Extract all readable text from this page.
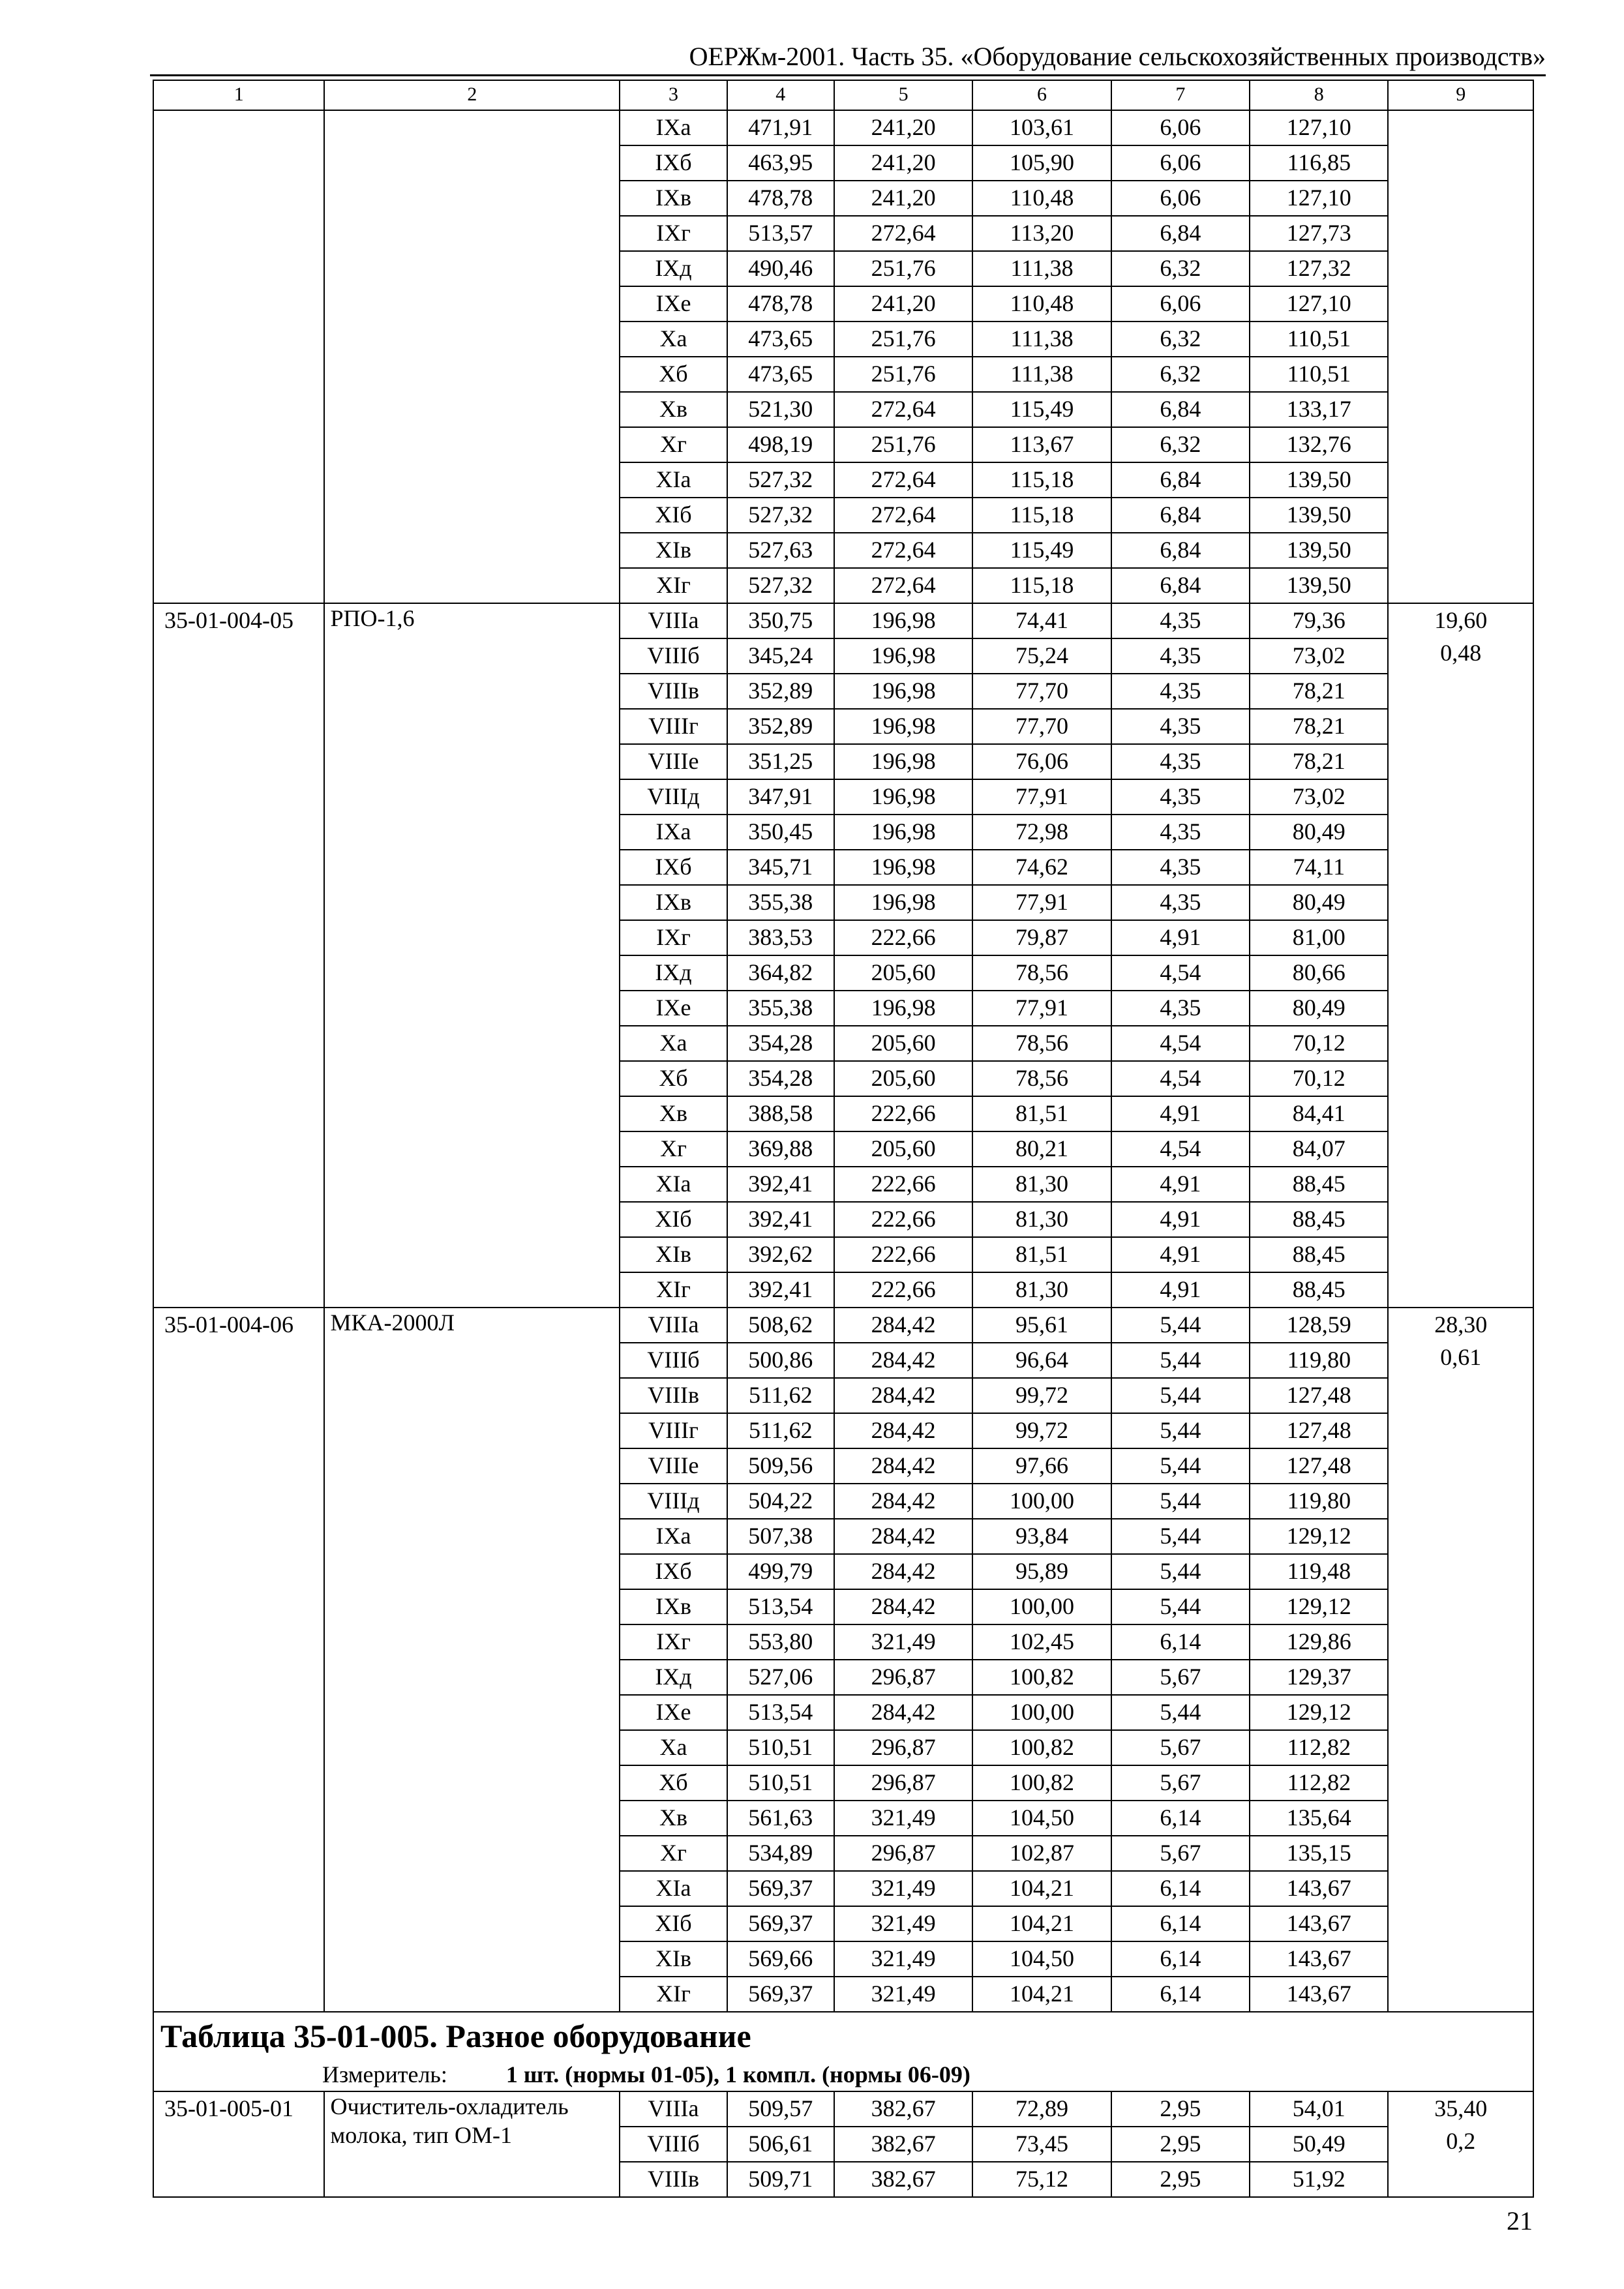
ОЕРЖм-2001. Часть 35. «Оборудование сельскохозяйственных производств»
1	2	3	4	5	6	7	8	9
		IXa	471,91	241,20	103,61	6,06	127,10	
		IXб	463,95	241,20	105,90	6,06	116,85	
		IXв	478,78	241,20	110,48	6,06	127,10	
		IXг	513,57	272,64	113,20	6,84	127,73	
		IXд	490,46	251,76	111,38	6,32	127,32	
		IXe	478,78	241,20	110,48	6,06	127,10	
		Xa	473,65	251,76	111,38	6,32	110,51	
		Xб	473,65	251,76	111,38	6,32	110,51	
		Xв	521,30	272,64	115,49	6,84	133,17	
		Xг	498,19	251,76	113,67	6,32	132,76	
		XIa	527,32	272,64	115,18	6,84	139,50	
		XIб	527,32	272,64	115,18	6,84	139,50	
		XIв	527,63	272,64	115,49	6,84	139,50	
		XIг	527,32	272,64	115,18	6,84	139,50	
35-01-004-05	РПО-1,6	VIIIa	350,75	196,98	74,41	4,35	79,36	19,60
0,48

		VIIIб	345,24	196,98	75,24	4,35	73,02	
		VIIIв	352,89	196,98	77,70	4,35	78,21	
		VIIIг	352,89	196,98	77,70	4,35	78,21	
		VIIIe	351,25	196,98	76,06	4,35	78,21	
		VIIIд	347,91	196,98	77,91	4,35	73,02	
		IXa	350,45	196,98	72,98	4,35	80,49	
		IXб	345,71	196,98	74,62	4,35	74,11	
		IXв	355,38	196,98	77,91	4,35	80,49	
		IXг	383,53	222,66	79,87	4,91	81,00	
		IXд	364,82	205,60	78,56	4,54	80,66	
		IXe	355,38	196,98	77,91	4,35	80,49	
		Xa	354,28	205,60	78,56	4,54	70,12	
		Xб	354,28	205,60	78,56	4,54	70,12	
		Xв	388,58	222,66	81,51	4,91	84,41	
		Xг	369,88	205,60	80,21	4,54	84,07	
		XIa	392,41	222,66	81,30	4,91	88,45	
		XIб	392,41	222,66	81,30	4,91	88,45	
		XIв	392,62	222,66	81,51	4,91	88,45	
		XIг	392,41	222,66	81,30	4,91	88,45	
35-01-004-06	МКА-2000Л	VIIIa	508,62	284,42	95,61	5,44	128,59	28,30
0,61

		VIIIб	500,86	284,42	96,64	5,44	119,80	
		VIIIв	511,62	284,42	99,72	5,44	127,48	
		VIIIг	511,62	284,42	99,72	5,44	127,48	
		VIIIe	509,56	284,42	97,66	5,44	127,48	
		VIIIд	504,22	284,42	100,00	5,44	119,80	
		IXa	507,38	284,42	93,84	5,44	129,12	
		IXб	499,79	284,42	95,89	5,44	119,48	
		IXв	513,54	284,42	100,00	5,44	129,12	
		IXг	553,80	321,49	102,45	6,14	129,86	
		IXд	527,06	296,87	100,82	5,67	129,37	
		IXe	513,54	284,42	100,00	5,44	129,12	
		Xa	510,51	296,87	100,82	5,67	112,82	
		Xб	510,51	296,87	100,82	5,67	112,82	
		Xв	561,63	321,49	104,50	6,14	135,64	
		Xг	534,89	296,87	102,87	5,67	135,15	
		XIa	569,37	321,49	104,21	6,14	143,67	
		XIб	569,37	321,49	104,21	6,14	143,67	
		XIв	569,66	321,49	104,50	6,14	143,67	
		XIг	569,37	321,49	104,21	6,14	143,67	
Таблица 35-01-005. Разное оборудование								
Измеритель: 1 шт. (нормы 01-05), 1 компл. (нормы 06-09)								
35-01-005-01	Очиститель-охладитель молока, тип ОМ-1	VIIIa	509,57	382,67	72,89	2,95	54,01	35,40
0,2

		VIIIб	506,61	382,67	73,45	2,95	50,49	
		VIIIв	509,71	382,67	75,12	2,95	51,92	
21
